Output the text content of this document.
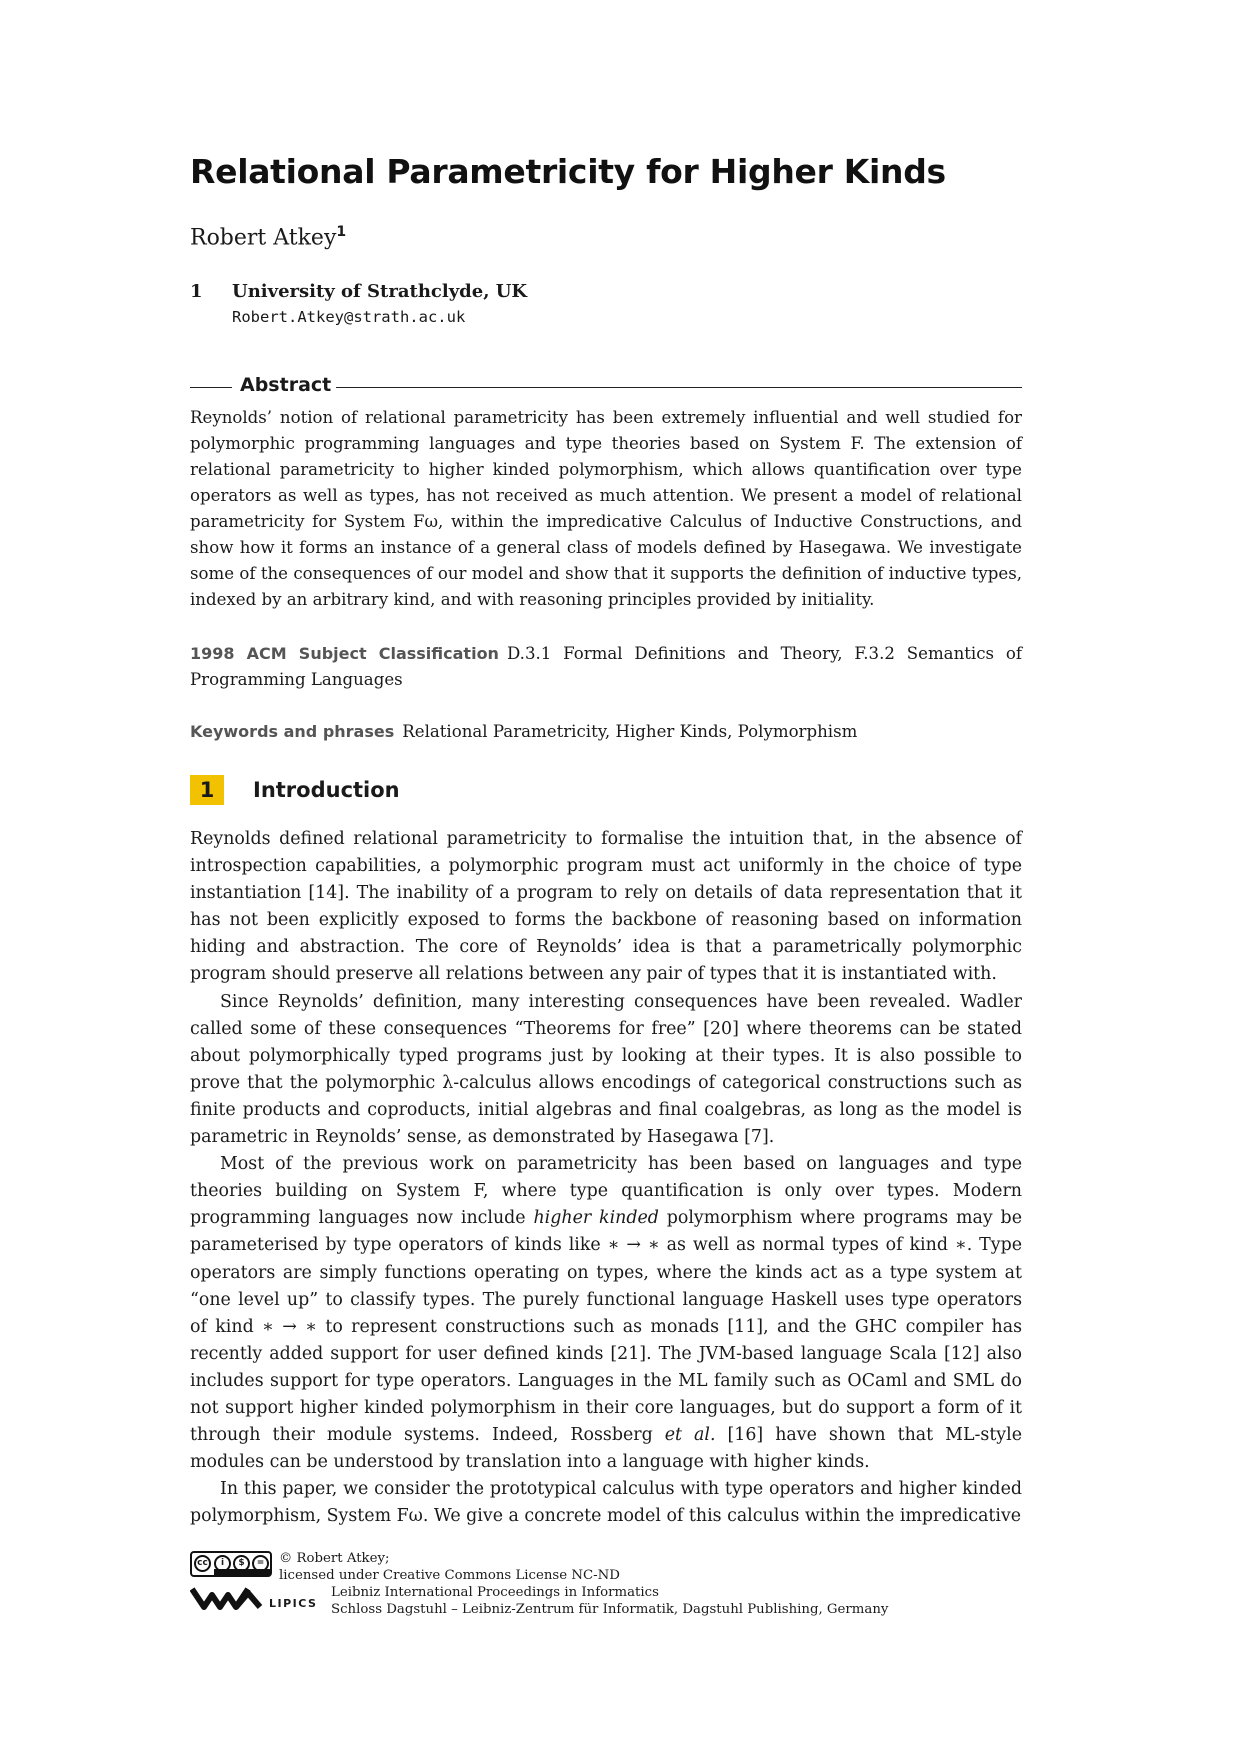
Relational Parametricity for Higher Kinds
Robert Atkey$^1$
1 University of Strathclyde, UK
Robert.Atkey@strath.ac.uk
Abstract

Reynolds’ notion of relational parametricity has been extremely influential and well studied for polymorphic programming languages and type theories based on System F. The extension of relational parametricity to higher kinded polymorphism, which allows quantification over type operators as well as types, has not received as much attention. We present a model of relational parametricity for System Fω, within the impredicative Calculus of Inductive Constructions, and show how it forms an instance of a general class of models defined by Hasegawa. We investigate some of the consequences of our model and show that it supports the definition of inductive types, indexed by an arbitrary kind, and with reasoning principles provided by initiality.

1998 ACM Subject Classification D.3.1 Formal Definitions and Theory, F.3.2 Semantics of Programming Languages

Keywords and phrases Relational Parametricity, Higher Kinds, Polymorphism

1	Introduction

Reynolds defined relational parametricity to formalise the intuition that, in the absence of introspection capabilities, a polymorphic program must act uniformly in the choice of type instantiation [14]. The inability of a program to rely on details of data representation that it has not been explicitly exposed to forms the backbone of reasoning based on information hiding and abstraction. The core of Reynolds’ idea is that a parametrically polymorphic program should preserve all relations between any pair of types that it is instantiated with.

Since Reynolds’ definition, many interesting consequences have been revealed. Wadler called some of these consequences “Theorems for free” [20] where theorems can be stated about polymorphically typed programs just by looking at their types. It is also possible to prove that the polymorphic λ-calculus allows encodings of categorical constructions such as finite products and coproducts, initial algebras and final coalgebras, as long as the model is parametric in Reynolds’ sense, as demonstrated by Hasegawa [7].

Most of the previous work on parametricity has been based on languages and type theories building on System F, where type quantification is only over types. Modern programming languages now include higher kinded polymorphism where programs may be parameterised by type operators of kinds like ∗ → ∗ as well as normal types of kind ∗. Type operators are simply functions operating on types, where the kinds act as a type system at “one level up” to classify types. The purely functional language Haskell uses type operators of kind ∗ → ∗ to represent constructions such as monads [11], and the GHC compiler has recently added support for user defined kinds [21]. The JVM-based language Scala [12] also includes support for type operators. Languages in the ML family such as OCaml and SML do not support higher kinded polymorphism in their core languages, but do support a form of it through their module systems. Indeed, Rossberg et al. [16] have shown that ML-style modules can be understood by translation into a language with higher kinds.

In this paper, we consider the prototypical calculus with type operators and higher kinded polymorphism, System Fω. We give a concrete model of this calculus within the impredicative

cc	i	$	=
LIPICS
© Robert Atkey;
licensed under Creative Commons License NC-ND
Leibniz International Proceedings in Informatics
Schloss Dagstuhl – Leibniz-Zentrum für Informatik, Dagstuhl Publishing, Germany
